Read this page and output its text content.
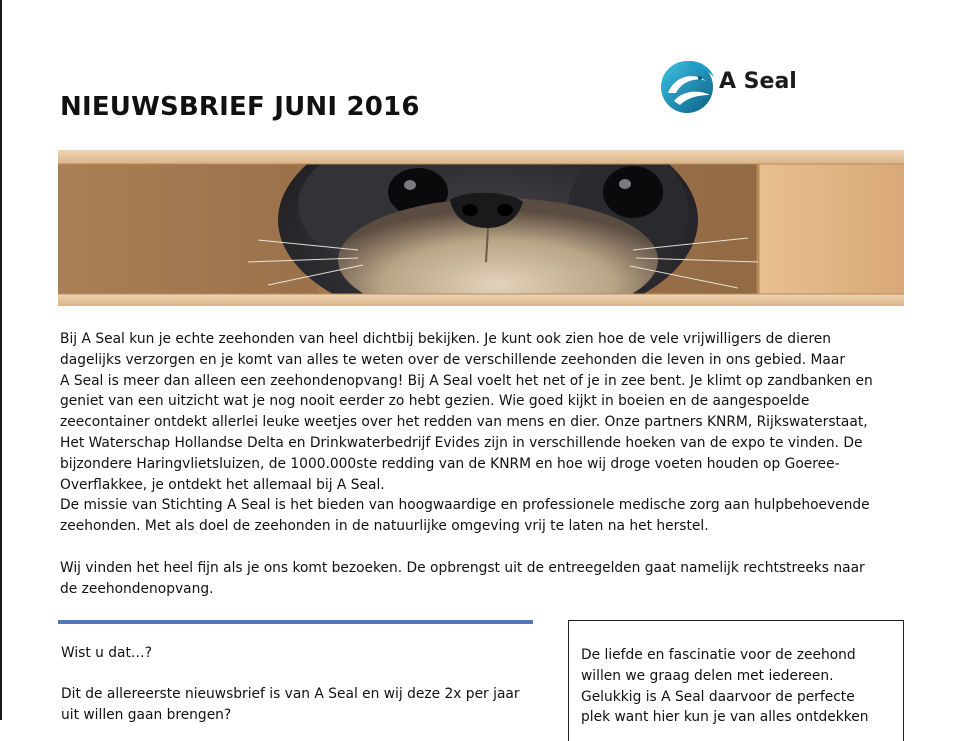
NIEUWSBRIEF JUNI 2016
A Seal

Bij A Seal kun je echte zeehonden van heel dichtbij bekijken. Je kunt ook zien hoe de vele vrijwilligers de dieren

dagelijks verzorgen en je komt van alles te weten over de verschillende zeehonden die leven in ons gebied. Maar

A Seal is meer dan alleen een zeehondenopvang! Bij A Seal voelt het net of je in zee bent. Je klimt op zandbanken en

geniet van een uitzicht wat je nog nooit eerder zo hebt gezien. Wie goed kijkt in boeien en de aangespoelde

zeecontainer ontdekt allerlei leuke weetjes over het redden van mens en dier. Onze partners KNRM, Rijkswaterstaat,

Het Waterschap Hollandse Delta en Drinkwaterbedrijf Evides zijn in verschillende hoeken van de expo te vinden. De

bijzondere Haringvlietsluizen, de 1000.000ste redding van de KNRM en hoe wij droge voeten houden op Goeree-

Overflakkee, je ontdekt het allemaal bij A Seal.

De missie van Stichting A Seal is het bieden van hoogwaardige en professionele medische zorg aan hulpbehoevende

zeehonden. Met als doel de zeehonden in de natuurlijke omgeving vrij te laten na het herstel.

Wij vinden het heel fijn als je ons komt bezoeken. De opbrengst uit de entreegelden gaat namelijk rechtstreeks naar

de zeehondenopvang.

Wist u dat…?
Dit de allereerste nieuwsbrief is van A Seal en wij deze 2x per jaar
uit willen gaan brengen?
De liefde en fascinatie voor de zeehond
willen we graag delen met iedereen.
Gelukkig is A Seal daarvoor de perfecte
plek want hier kun je van alles ontdekken
